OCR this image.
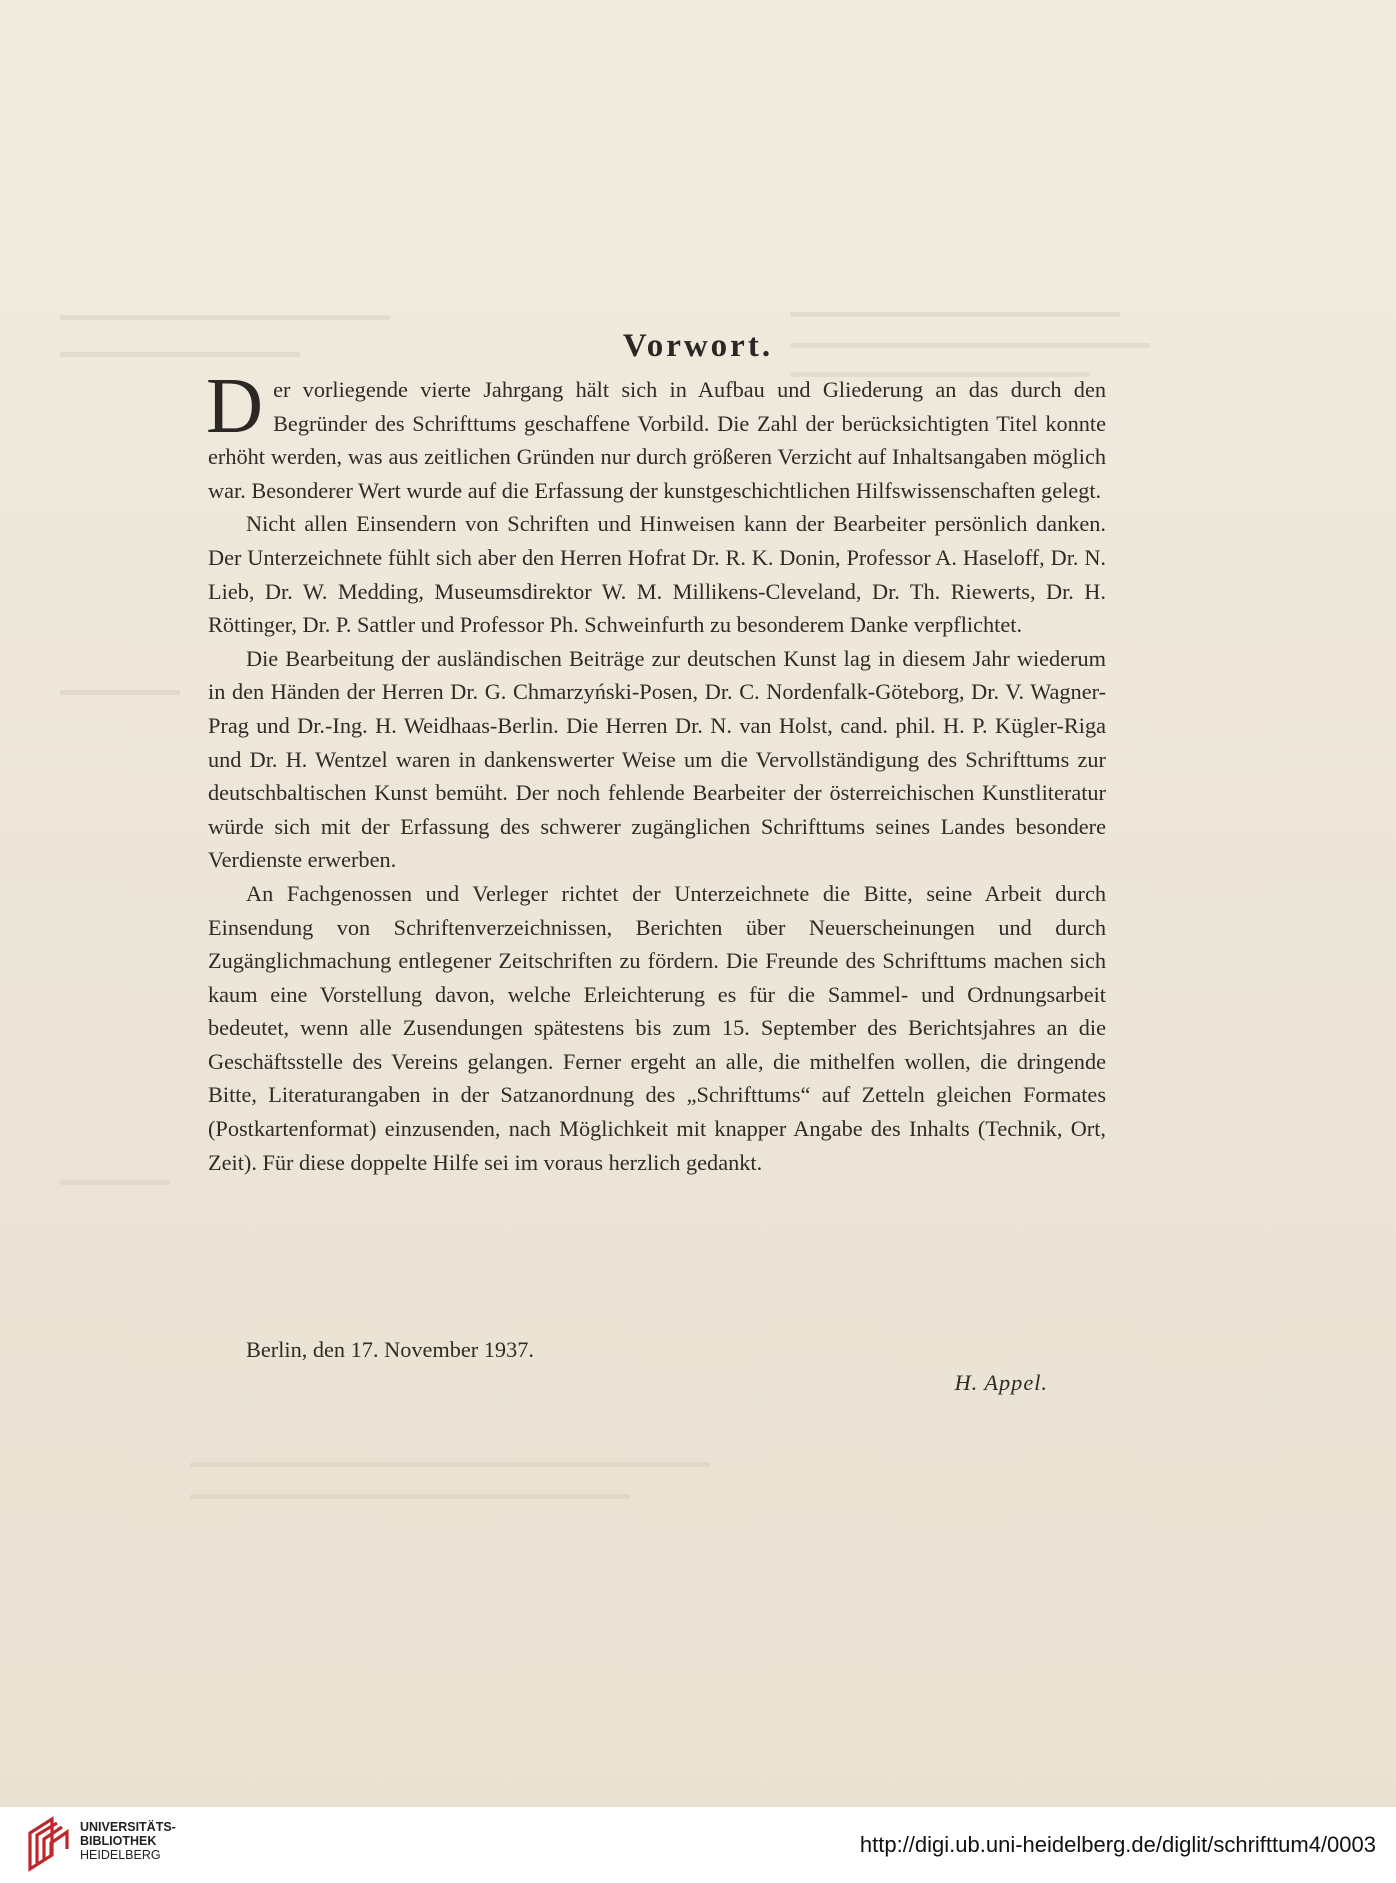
Vorwort.

Der vorliegende vierte Jahrgang hält sich in Aufbau und Gliederung an das durch den Begründer des Schrifttums geschaffene Vorbild. Die Zahl der berücksichtigten Titel konnte erhöht werden, was aus zeitlichen Gründen nur durch größeren Verzicht auf Inhaltsangaben möglich war. Besonderer Wert wurde auf die Erfassung der kunstgeschichtlichen Hilfswissenschaften gelegt.

Nicht allen Einsendern von Schriften und Hinweisen kann der Bearbeiter persönlich danken. Der Unterzeichnete fühlt sich aber den Herren Hofrat Dr. R. K. Donin, Professor A. Haseloff, Dr. N. Lieb, Dr. W. Medding, Museumsdirektor W. M. Millikens-Cleveland, Dr. Th. Riewerts, Dr. H. Röttinger, Dr. P. Sattler und Professor Ph. Schweinfurth zu besonderem Danke verpflichtet.

Die Bearbeitung der ausländischen Beiträge zur deutschen Kunst lag in diesem Jahr wiederum in den Händen der Herren Dr. G. Chmarzyński-Posen, Dr. C. Nordenfalk-Göteborg, Dr. V. Wagner-Prag und Dr.-Ing. H. Weidhaas-Berlin. Die Herren Dr. N. van Holst, cand. phil. H. P. Kügler-Riga und Dr. H. Wentzel waren in dankenswerter Weise um die Vervollständigung des Schrifttums zur deutschbaltischen Kunst bemüht. Der noch fehlende Bearbeiter der österreichischen Kunstliteratur würde sich mit der Erfassung des schwerer zugänglichen Schrifttums seines Landes besondere Verdienste erwerben.

An Fachgenossen und Verleger richtet der Unterzeichnete die Bitte, seine Arbeit durch Einsendung von Schriftenverzeichnissen, Berichten über Neuerscheinungen und durch Zugänglichmachung entlegener Zeitschriften zu fördern. Die Freunde des Schrifttums machen sich kaum eine Vorstellung davon, welche Erleichterung es für die Sammel- und Ordnungsarbeit bedeutet, wenn alle Zusendungen spätestens bis zum 15. September des Berichtsjahres an die Geschäftsstelle des Vereins gelangen. Ferner ergeht an alle, die mithelfen wollen, die dringende Bitte, Literaturangaben in der Satzanordnung des „Schrifttums“ auf Zetteln gleichen Formates (Postkartenformat) einzusenden, nach Möglichkeit mit knapper Angabe des Inhalts (Technik, Ort, Zeit). Für diese doppelte Hilfe sei im voraus herzlich gedankt.

Berlin, den 17. November 1937.
H. Appel.
UNIVERSITÄTS-
BIBLIOTHEK
HEIDELBERG	http://digi.ub.uni-heidelberg.de/diglit/schrifttum4/0003
